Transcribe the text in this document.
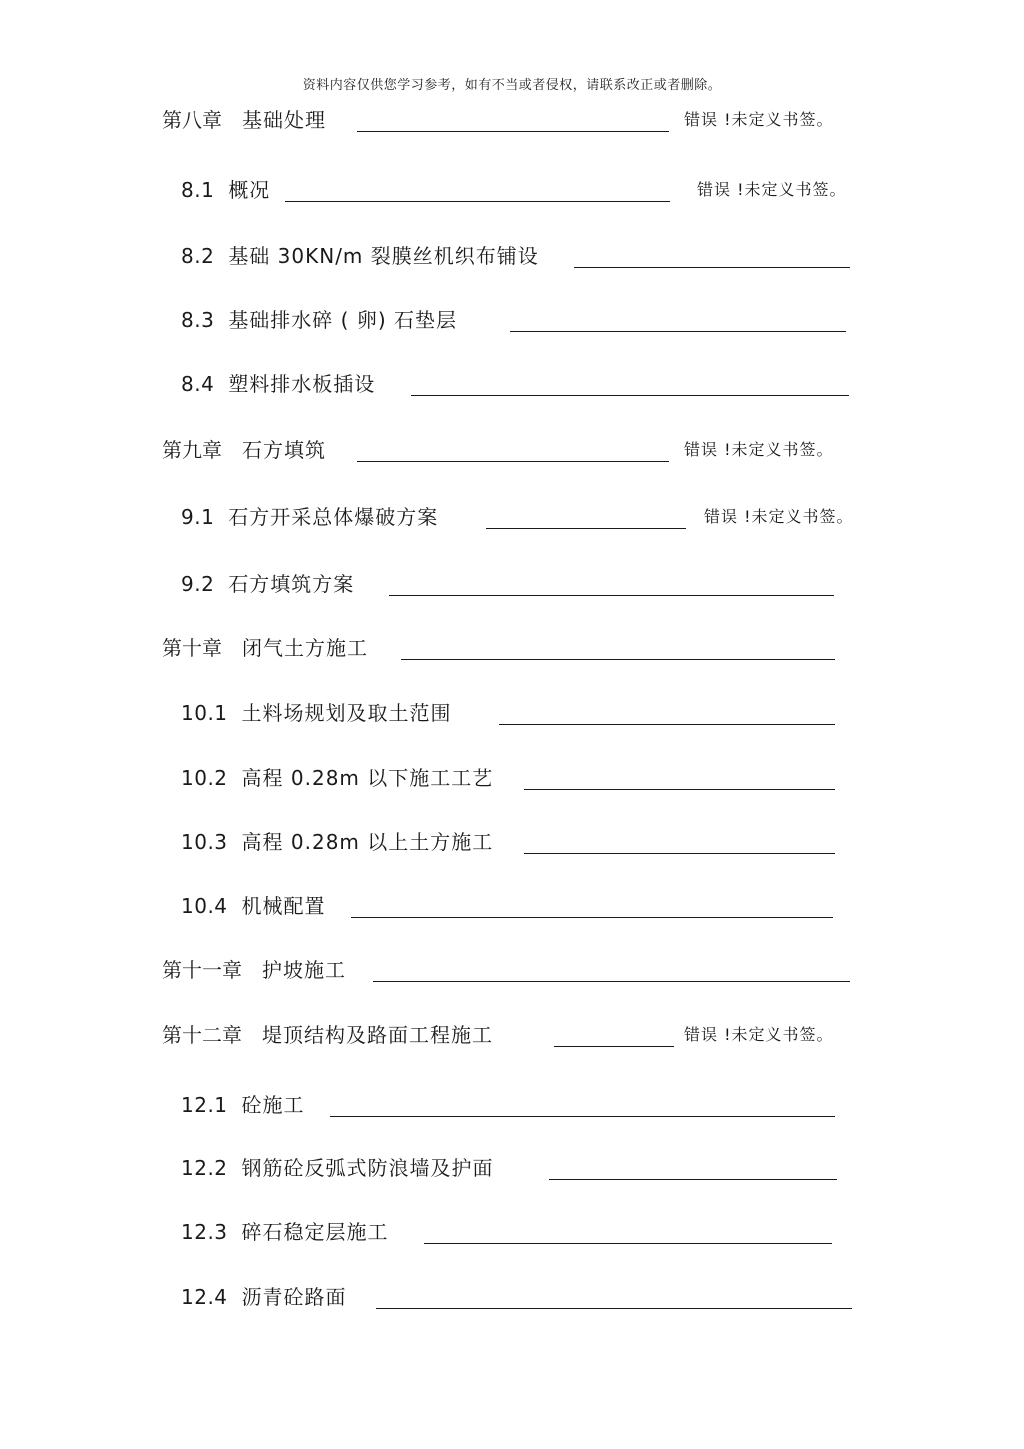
资料内容仅供您学习参考，如有不当或者侵权，请联系改正或者删除。
第八章 基础处理	错误 !未定义书签。
8.1 概况	错误 !未定义书签。
8.2 基础 30KN/m 裂膜丝机织布铺设
8.3 基础排水碎 ( 卵) 石垫层
8.4 塑料排水板插设
第九章 石方填筑	错误 !未定义书签。
9.1 石方开采总体爆破方案	错误 !未定义书签。
9.2 石方填筑方案
第十章 闭气土方施工
10.1 土料场规划及取土范围
10.2 高程 0.28m 以下施工工艺
10.3 高程 0.28m 以上土方施工
10.4 机械配置
第十一章 护坡施工
第十二章 堤顶结构及路面工程施工	错误 !未定义书签。
12.1 砼施工
12.2 钢筋砼反弧式防浪墙及护面
12.3 碎石稳定层施工
12.4 沥青砼路面
